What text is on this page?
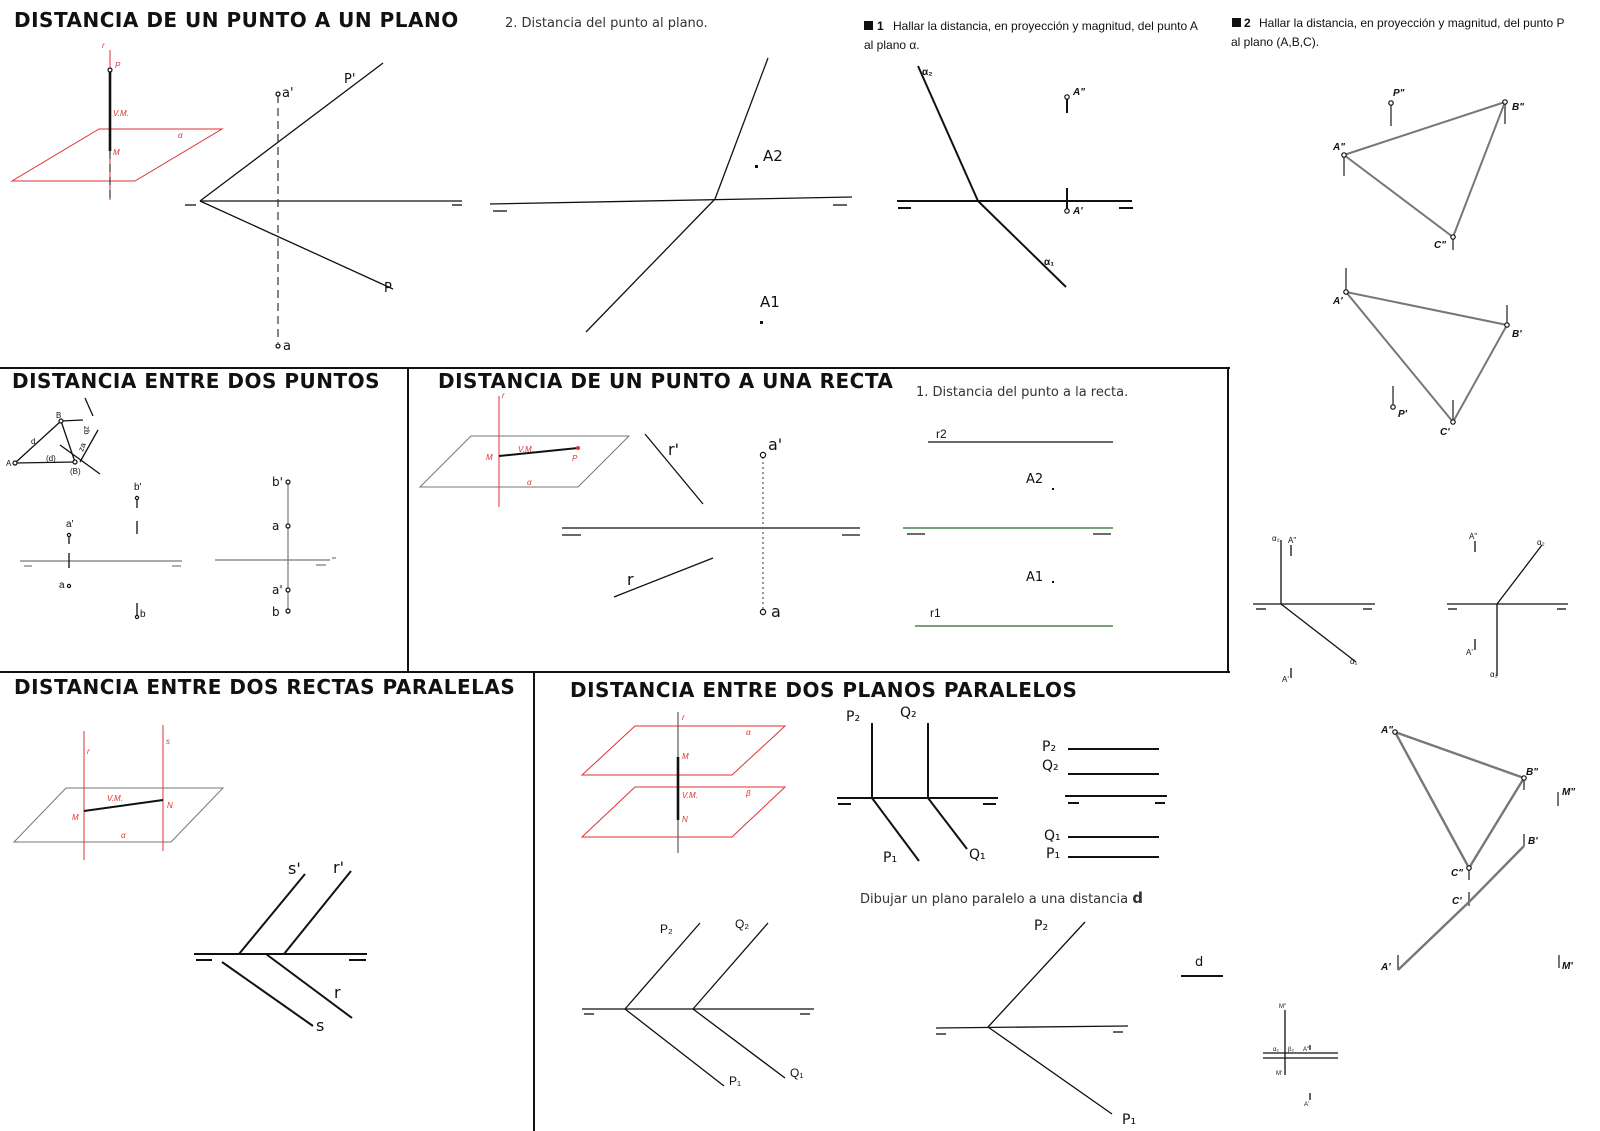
DISTANCIA DE UN PUNTO A UN PLANO
r
P
V.M.
α
M
a'
a
P'
P
2. Distancia del punto al plano.
A2
A1
1 Hallar la distancia, en proyección y magnitud, del punto A
al plano α.
α₂
A"
A'
α₁
2 Hallar la distancia, en proyección y magnitud, del punto P
al plano (A,B,C).
P"
A"
B"
C"
A'
B'
P'
C'
α₂ A"
A'
α₁
A"
α₂
A'
α₁
A"
B"
M"
C"
B'
C'
A'	M'
M"
α₂ β₂ A"
M'
A'
DISTANCIA ENTRE DOS PUNTOS
A
B
d
(d)
(B)
zb
za
a'
a
b'
b
b'
a
a'
b
DISTANCIA DE UN PUNTO A UNA RECTA
r
M
V.M.
P
α
r'
r
a'
a
1. Distancia del punto a la recta.
r2
A2
A1
r1
DISTANCIA ENTRE DOS RECTAS PARALELAS
r
s
V.M.
M
N
α
s' r'
r
s
DISTANCIA ENTRE DOS PLANOS PARALELOS
r
α
M
V.M.	β
N
P₂	Q₂
P₁	Q₁
P₂
Q₂
Q₁
P₁
Dibujar un plano paralelo a una distancia d
P₂	Q₂
P₁
Q₁
P₂
P₁
d
